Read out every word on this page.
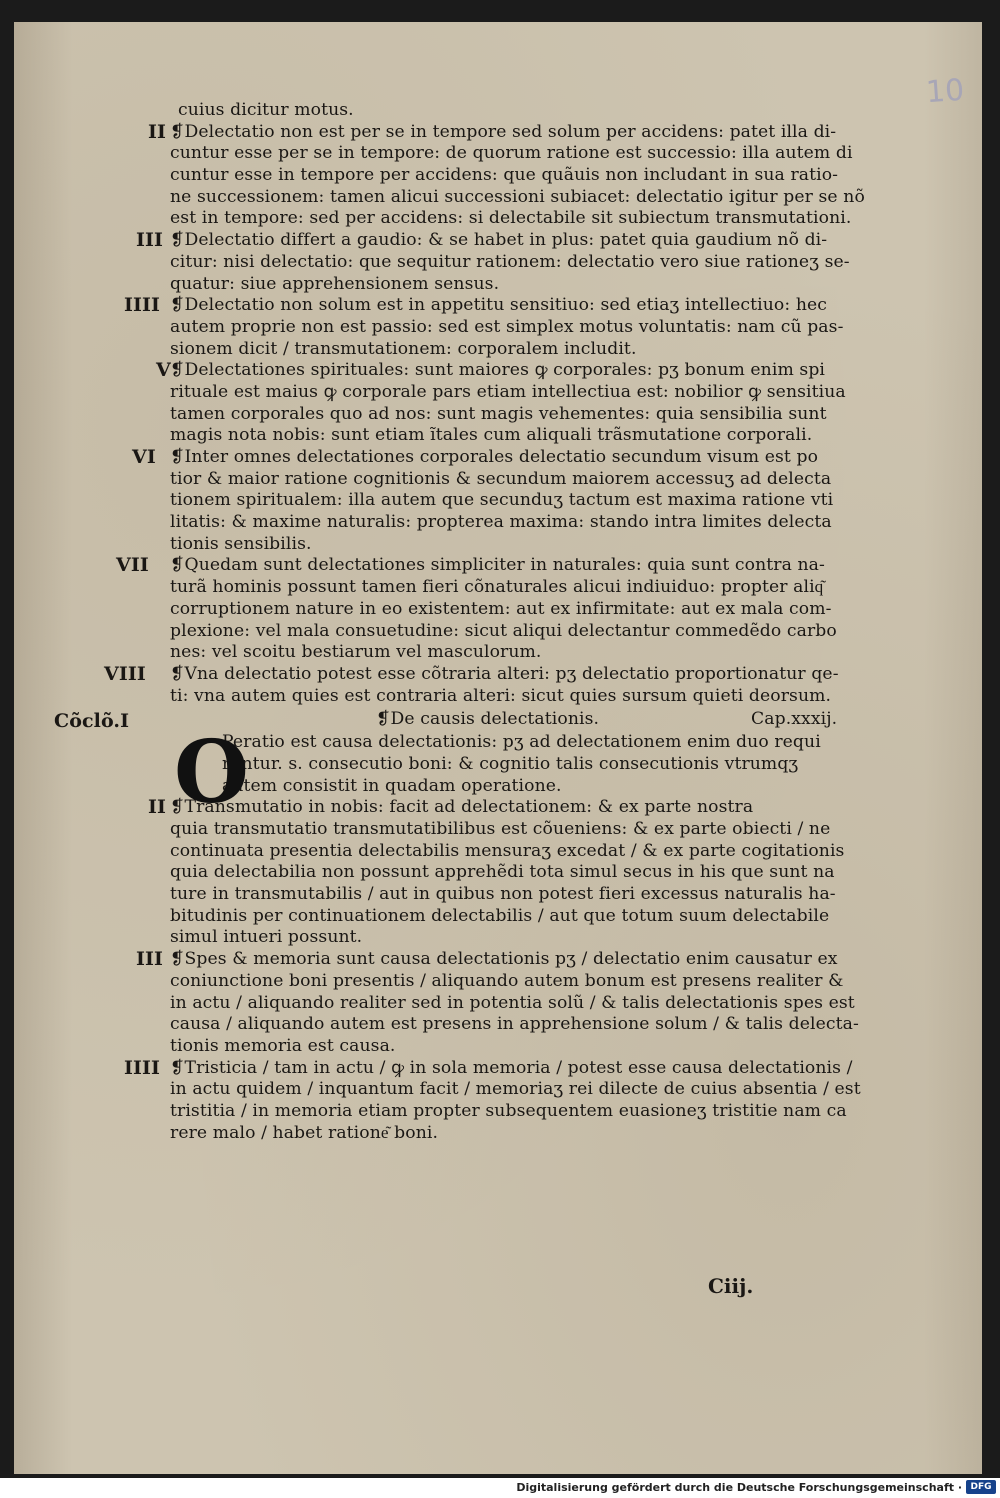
10
cuius dicitur motus.
II ❡Delectatio non est per se in tempore sed solum per accidens: patet illa di-
cuntur esse per se in tempore: de quorum ratione est successio: illa autem di
cuntur esse in tempore per accidens: que quãuis non includant in sua ratio-
ne successionem: tamen alicui successioni subiacet: delectatio igitur per se nõ
est in tempore: sed per accidens: si delectabile sit subiectum transmutationi.
III ❡Delectatio differt a gaudio: & se habet in plus: patet quia gaudium nõ di-
citur: nisi delectatio: que sequitur rationem: delectatio vero siue rationeʒ se-
quatur: siue apprehensionem sensus.
IIII ❡Delectatio non solum est in appetitu sensitiuo: sed etiaʒ intellectiuo: hec
autem proprie non est passio: sed est simplex motus voluntatis: nam cũ pas-
sionem dicit / transmutationem: corporalem includit.
V ❡Delectationes spirituales: sunt maiores ꝙ corporales: pʒ bonum enim spi
rituale est maius ꝙ corporale pars etiam intellectiua est: nobilior ꝙ sensitiua
tamen corporales quo ad nos: sunt magis vehementes: quia sensibilia sunt
magis nota nobis: sunt etiam ĩtales cum aliquali trãsmutatione corporali.
VI ❡Inter omnes delectationes corporales delectatio secundum visum est po
tior & maior ratione cognitionis & secundum maiorem accessuʒ ad delecta
tionem spiritualem: illa autem que secunduʒ tactum est maxima ratione vti
litatis: & maxime naturalis: propterea maxima: stando intra limites delecta
tionis sensibilis.
VII ❡Quedam sunt delectationes simpliciter in naturales: quia sunt contra na-
turã hominis possunt tamen fieri cõnaturales alicui indiuiduo: propter aliq͂
corruptionem nature in eo existentem: aut ex infirmitate: aut ex mala com-
plexione: vel mala consuetudine: sicut aliqui delectantur commedẽdo carbo
nes: vel scoitu bestiarum vel masculorum.
VIII ❡Vna delectatio potest esse cõtraria alteri: pʒ delectatio proportionatur qe-
ti: vna autem quies est contraria alteri: sicut quies sursum quieti deorsum.
Cõclõ.I	❡De causis delectationis.	Cap.xxxij.
O
Peratio est causa delectationis: pʒ ad delectationem enim duo requi
runtur. s. consecutio boni: & cognitio talis consecutionis vtrumqʒ
autem consistit in quadam operatione.
II ❡Transmutatio in nobis: facit ad delectationem: & ex parte nostra
quia transmutatio transmutatibilibus est cõueniens: & ex parte obiecti / ne
continuata presentia delectabilis mensuraʒ excedat / & ex parte cogitationis
quia delectabilia non possunt apprehẽdi tota simul secus in his que sunt na
ture in transmutabilis / aut in quibus non potest fieri excessus naturalis ha-
bitudinis per continuationem delectabilis / aut que totum suum delectabile
simul intueri possunt.
III ❡Spes & memoria sunt causa delectationis pʒ / delectatio enim causatur ex
coniunctione boni presentis / aliquando autem bonum est presens realiter &
in actu / aliquando realiter sed in potentia solũ / & talis delectationis spes est
causa / aliquando autem est presens in apprehensione solum / & talis delecta-
tionis memoria est causa.
IIII ❡Tristicia / tam in actu / ꝙ in sola memoria / potest esse causa delectationis /
in actu quidem / inquantum facit / memoriaʒ rei dilecte de cuius absentia / est
tristitia / in memoria etiam propter subsequentem euasioneʒ tristitie nam ca
rere malo / habet ratione͂ boni.
Ciij.
Digitalisierung gefördert durch die Deutsche Forschungsgemeinschaft · DFG
